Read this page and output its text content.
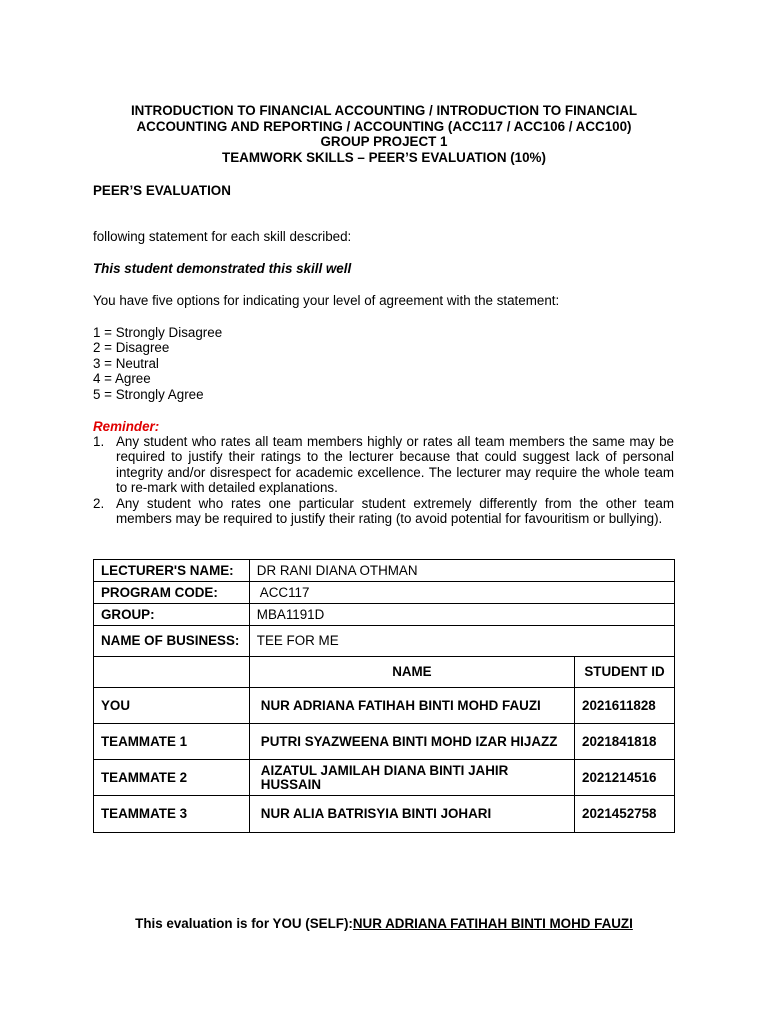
INTRODUCTION TO FINANCIAL ACCOUNTING / INTRODUCTION TO FINANCIAL
ACCOUNTING AND REPORTING / ACCOUNTING (ACC117 / ACC106 / ACC100)
GROUP PROJECT 1
TEAMWORK SKILLS – PEER’S EVALUATION (10%)
PEER’S EVALUATION
following statement for each skill described:
This student demonstrated this skill well
You have five options for indicating your level of agreement with the statement:
1 = Strongly Disagree
2 = Disagree
3 = Neutral
4 = Agree
5 = Strongly Agree
Reminder:
1. Any student who rates all team members highly or rates all team members the same may be required to justify their ratings to the lecturer because that could suggest lack of personal integrity and/or disrespect for academic excellence. The lecturer may require the whole team to re-mark with detailed explanations.
2. Any student who rates one particular student extremely differently from the other team members may be required to justify their rating (to avoid potential for favouritism or bullying).
LECTURER'S NAME:	DR RANI DIANA OTHMAN	
PROGRAM CODE:	ACC117	
GROUP:	MBA1191D	
NAME OF BUSINESS:	TEE FOR ME	
	NAME	STUDENT ID
YOU	NUR ADRIANA FATIHAH BINTI MOHD FAUZI	2021611828
TEAMMATE 1	PUTRI SYAZWEENA BINTI MOHD IZAR HIJAZZ	2021841818
TEAMMATE 2	AIZATUL JAMILAH DIANA BINTI JAHIR HUSSAIN	2021214516
TEAMMATE 3	NUR ALIA BATRISYIA BINTI JOHARI	2021452758
This evaluation is for YOU (SELF):NUR ADRIANA FATIHAH BINTI MOHD FAUZI
